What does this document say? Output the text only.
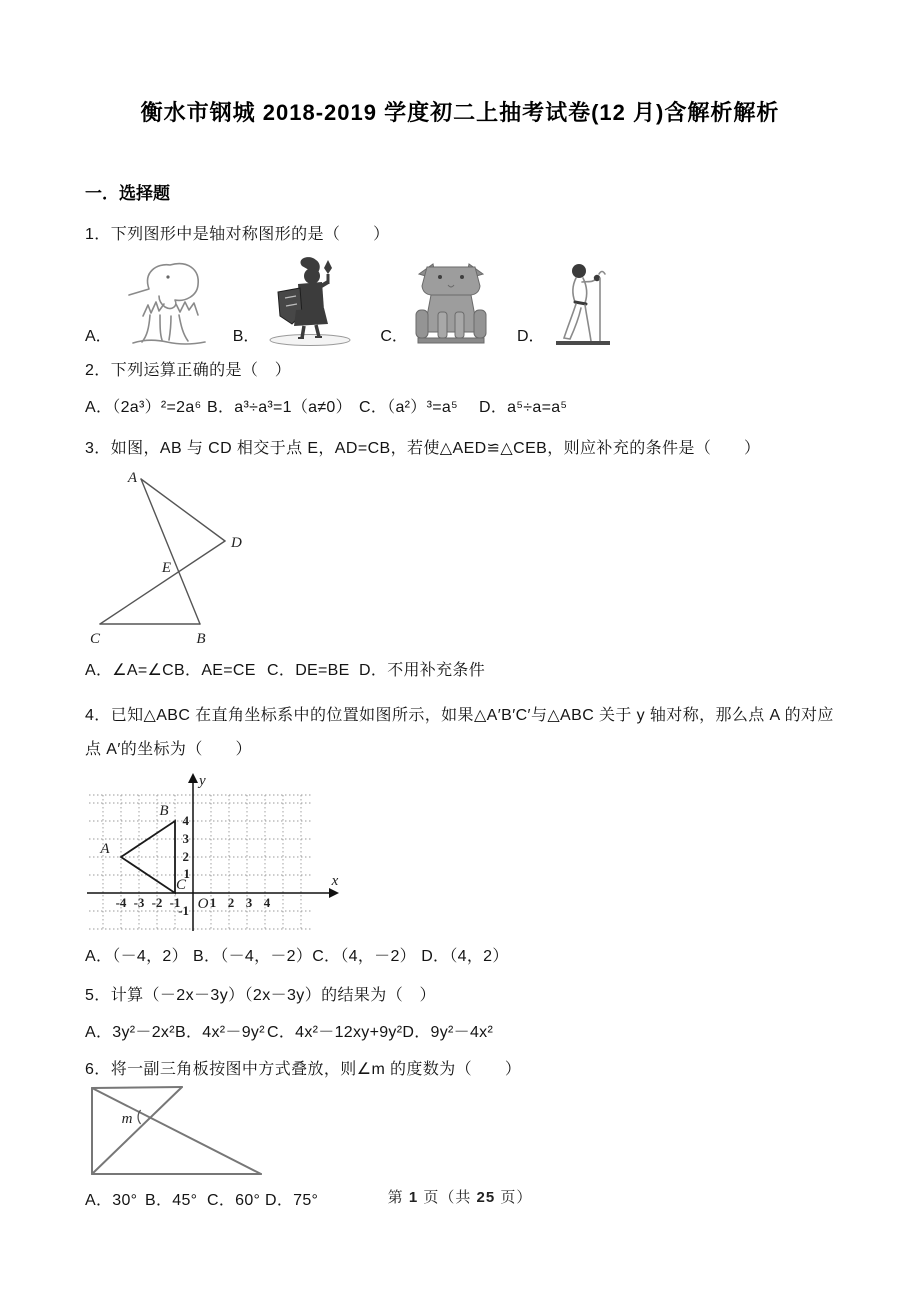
衡水市钢城 2018-2019 学度初二上抽考试卷(12 月)含解析解析
一．选择题

1．下列图形中是轴对称图形的是（　　）

A．	B．	C．	D．

2．下列运算正确的是（　）

A．（2a³）²=2a⁶ B．a³÷a³=1（a≠0） C．（a²）³=a⁵	D．a⁵÷a=a⁵

3．如图，AB 与 CD 相交于点 E，AD=CB，若使△AED≌△CEB，则应补充的条件是（　　）

A
D
E
C	B
A．∠A=∠C B．AE=CE C．DE=BE D．不用补充条件

4．已知△ABC 在直角坐标系中的位置如图所示，如果△A′B′C′与△ABC 关于 y 轴对称，那么点 A 的对应点 A′的坐标为（　　）

x
y
O
-4 -3 -2 -1 1 2 3 4
4
3
2
1
-1
A
B
C
A．（－4，2） B．（－4，－2） C．（4，－2） D．（4，2）

5．计算（－2x－3y）（2x－3y）的结果为（　）

A．3y²－2x² B．4x²－9y² C．4x²－12xy+9y² D．9y²－4x²

6．将一副三角板按图中方式叠放，则∠m 的度数为（　　）

m
A．30° B．45° C．60° D．75°	第 1 页（共 25 页）
